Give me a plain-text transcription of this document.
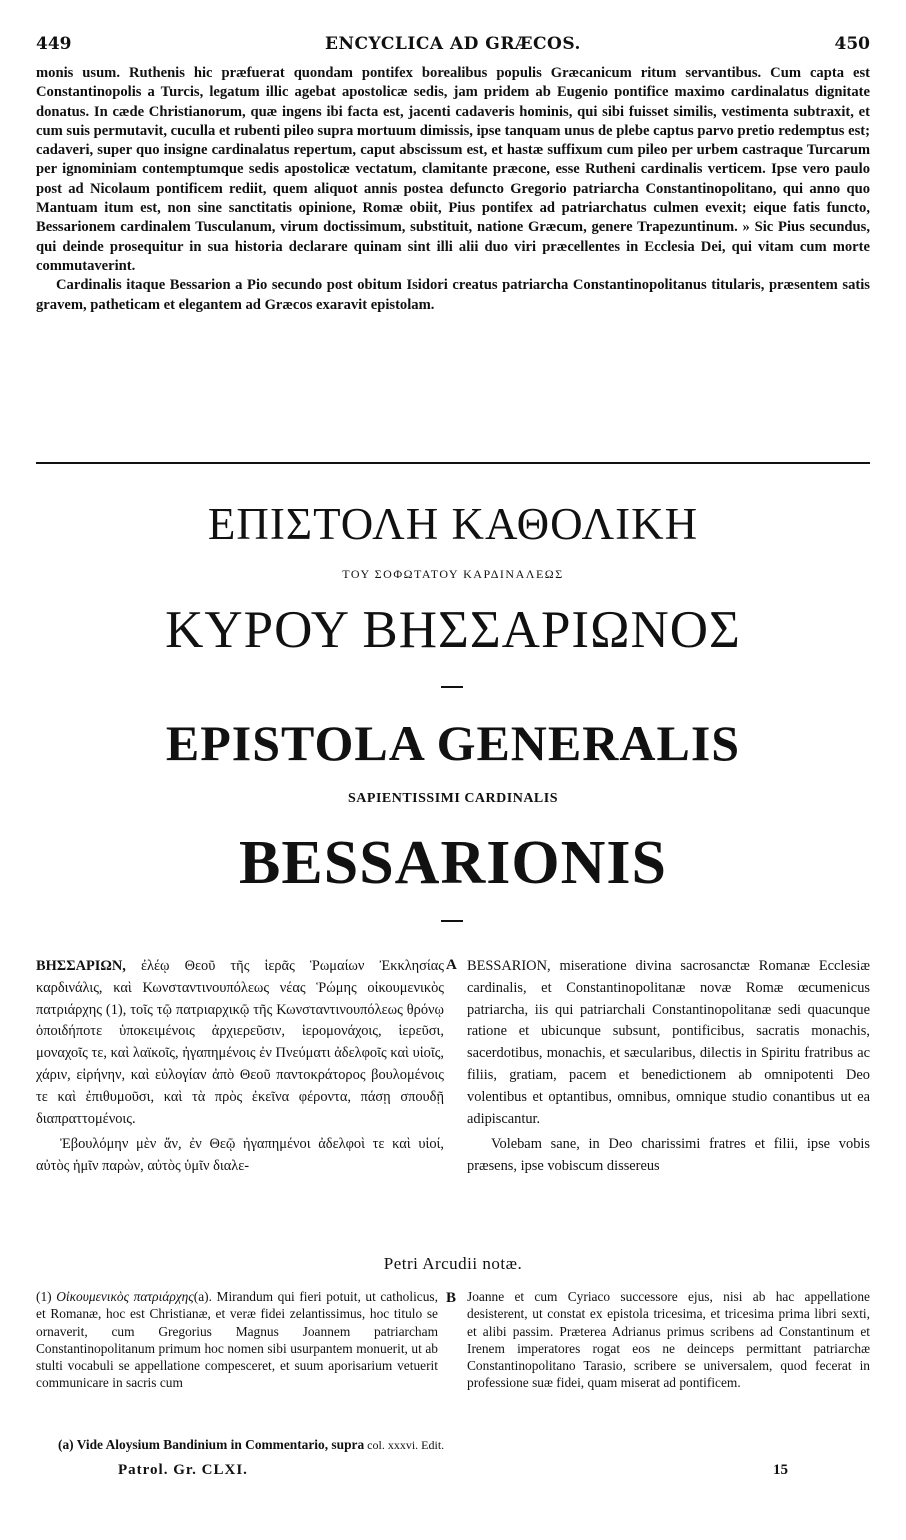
449	ENCYCLICA AD GRÆCOS.	450

monis usum. Ruthenis hic præfuerat quondam pontifex borealibus populis Græcanicum ritum servantibus. Cum capta est Constantinopolis a Turcis, legatum illic agebat apostolicæ sedis, jam pridem ab Eugenio pontifice maximo cardinalatus dignitate donatus. In cæde Christianorum, quæ ingens ibi facta est, jacenti cadaveris hominis, qui sibi fuisset similis, vestimenta subtraxit, et cum suis permutavit, cuculla et rubenti pileo supra mortuum dimissis, ipse tanquam unus de plebe captus parvo pretio redemptus est; cadaveri, super quo insigne cardinalatus repertum, caput abscissum est, et hastæ suffixum cum pileo per urbem castraque Turcarum per ignominiam contemptumque sedis apostolicæ vectatum, clamitante præcone, esse Rutheni cardinalis verticem. Ipse vero paulo post ad Nicolaum pontificem rediit, quem aliquot annis postea defuncto Gregorio patriarcha Constantinopolitano, qui anno quo Mantuam itum est, non sine sanctitatis opinione, Romæ obiit, Pius pontifex ad patriarchatus culmen evexit; eique fatis functo, Bessarionem cardinalem Tusculanum, virum doctissimum, substituit, natione Græcum, genere Trapezuntinum. » Sic Pius secundus, qui deinde prosequitur in sua historia declarare quinam sint illi alii duo viri præcellentes in Ecclesia Dei, qui vitam cum morte commutaverint.

Cardinalis itaque Bessarion a Pio secundo post obitum Isidori creatus patriarcha Constantinopolitanus titularis, præsentem satis gravem, patheticam et elegantem ad Græcos exaravit epistolam.

ΕΠΙΣΤΟΛΗ ΚΑΘΟΛΙΚΗ
ΤΟΥ ΣΟΦΩΤΑΤΟΥ ΚΑΡΔΙΝΑΛΕΩΣ
ΚΥΡΟΥ ΒΗΣΣΑΡΙΩΝΟΣ
EPISTOLA GENERALIS
SAPIENTISSIMI CARDINALIS
BESSARIONIS

ΒΗΣΣΑΡΙΩΝ, ἐλέῳ Θεοῦ τῆς ἱερᾶς Ῥωμαίων Ἐκκλησίας καρδινάλις, καὶ Κωνσταντινουπόλεως νέας Ῥώμης οἰκουμενικὸς πατριάρχης (1), τοῖς τῷ πατριαρχικῷ τῆς Κωνσταντινουπόλεως θρόνῳ ὁποιδήποτε ὑποκειμένοις ἀρχιερεῦσιν, ἱερομονάχοις, ἱερεῦσι, μοναχοῖς τε, καὶ λαϊκοῖς, ἠγαπημένοις ἐν Πνεύματι ἀδελφοῖς καὶ υἱοῖς, χάριν, εἰρήνην, καὶ εὐλογίαν ἀπὸ Θεοῦ παντοκράτορος βουλομένοις τε καὶ ἐπιθυμοῦσι, καὶ τὰ πρὸς ἐκεῖνα φέροντα, πάσῃ σπουδῇ διαπραττομένοις.

Ἐβουλόμην μὲν ἄν, ἐν Θεῷ ἠγαπημένοι ἀδελφοὶ τε καὶ υἱοί, αὐτὸς ἡμῖν παρὼν, αὐτὸς ὑμῖν διαλε-

A BESSARION, miseratione divina sacrosanctæ Romanæ Ecclesiæ cardinalis, et Constantinopolitanæ novæ Romæ œcumenicus patriarcha, iis qui patriarchali Constantinopolitanæ sedi quacunque ratione et ubicunque subsunt, pontificibus, sacratis monachis, sacerdotibus, monachis, et sæcularibus, dilectis in Spiritu fratribus ac filiis, gratiam, pacem et benedictionem ab omnipotenti Deo volentibus et optantibus, omnibus, omnique studio conantibus ut ea adipiscantur.

Volebam sane, in Deo charissimi fratres et filii, ipse vobis præsens, ipse vobiscum dissereus

Petri Arcudii notæ.

(1) Οἰκουμενικὸς πατριάρχης(a). Mirandum qui fieri potuit, ut catholicus, et Romanæ, hoc est Christianæ, et veræ fidei zelantissimus, hoc titulo se ornaverit, cum Gregorius Magnus Joannem patriarcham Constantinopolitanum primum hoc nomen sibi usurpantem monuerit, ut ab stulti vocabuli se appellatione compesceret, et suum aporisarium vetuerit communicare in sacris cum

B Joanne et cum Cyriaco successore ejus, nisi ab hac appellatione desisterent, ut constat ex epistola tricesima, et tricesima prima libri sexti, et alibi passim. Præterea Adrianus primus scribens ad Constantinum et Irenem imperatores rogat eos ne deinceps permittant patriarchæ Constantinopolitano Tarasio, scribere se universalem, quod fecerat in professione suæ fidei, quam miserat ad pontificem.

(a) Vide Aloysium Bandinium in Commentario, supra col. xxxvi. Edit.
Patrol. Gr. CLXI.	15
